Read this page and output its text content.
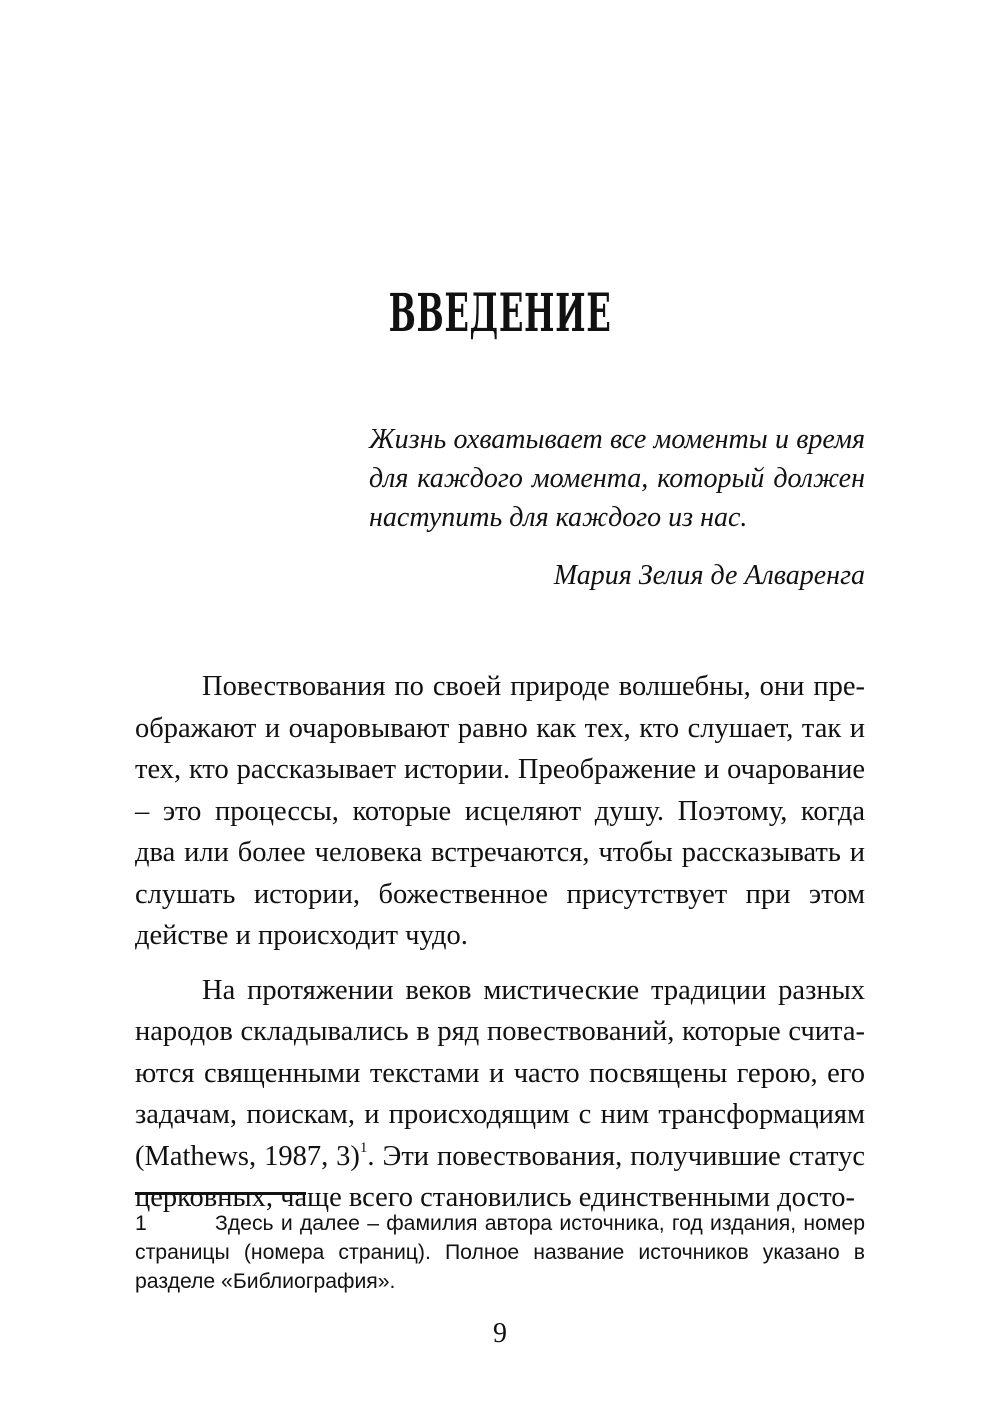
ВВЕДЕНИЕ

Жизнь охватывает все моменты и время для каждого момента, который должен наступить для каждого из нас.

Мария Зелия де Алваренга

Повествования по своей природе волшебны, они преображают и очаровывают равно как тех, кто слушает, так и тех, кто рассказывает истории. Преображение и очарование – это процессы, которые исцеляют душу. Поэтому, когда два или более человека встречаются, чтобы рассказывать и слушать истории, божественное присутствует при этом действе и происходит чудо.

На протяжении веков мистические традиции разных народов складывались в ряд повествований, которые считаются священными текстами и часто посвящены герою, его задачам, поискам, и происходящим с ним трансформациям (Mathews, 1987, 3)$^1$. Эти повествования, получившие статус церковных, чаще всего становились единственными досто-

1	Здесь и далее – фамилия автора источника, год издания, номер страницы (номера страниц). Полное название источников указано в разделе «Библиография».

9
